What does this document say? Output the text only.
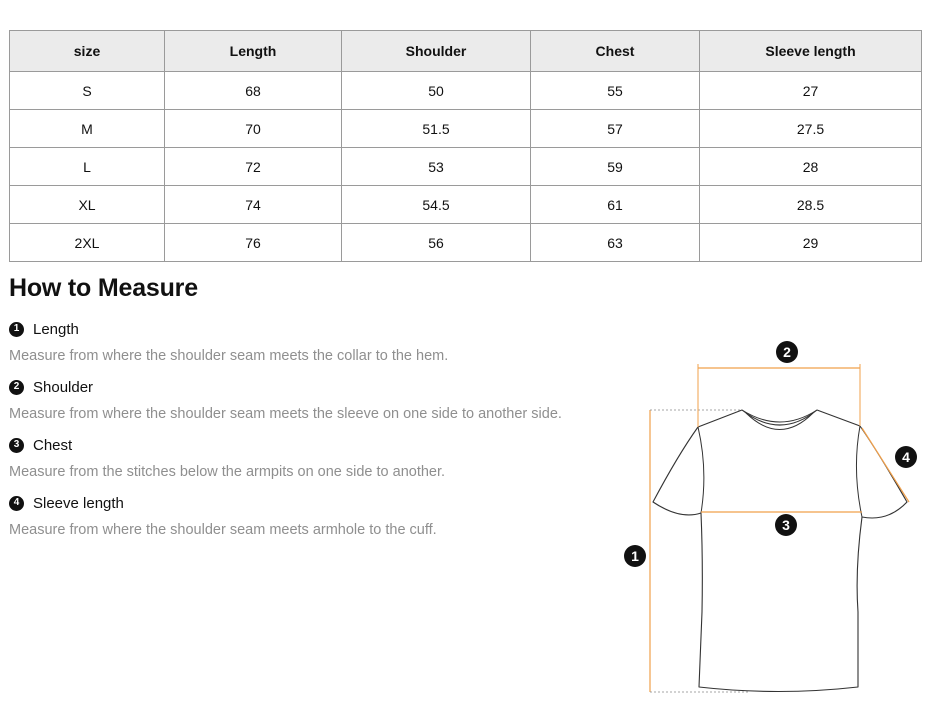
size	Length	Shoulder	Chest	Sleeve length
S	68	50	55	27
M	70	51.5	57	27.5
L	72	53	59	28
XL	74	54.5	61	28.5
2XL	76	56	63	29
How to Measure
1 Length
Measure from where the shoulder seam meets the collar to the hem.
2 Shoulder
Measure from where the shoulder seam meets the sleeve on one side to another side.
3 Chest
Measure from the stitches below the armpits on one side to another.
4 Sleeve length
Measure from where the shoulder seam meets armhole to the cuff.
1
2
3
4
